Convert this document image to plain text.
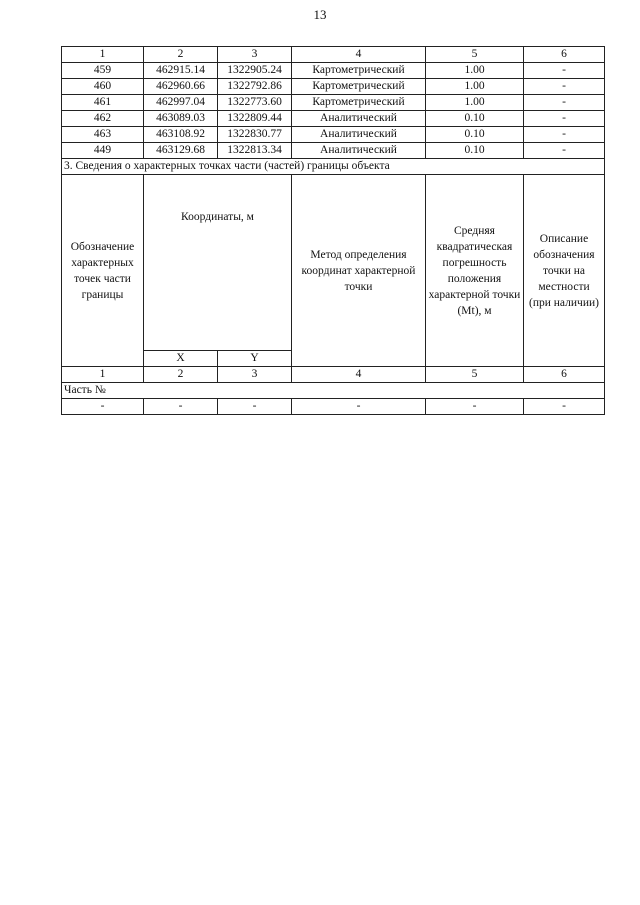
13
1	2	3	4	5	6
459	462915.14	1322905.24	Картометрический	1.00	-
460	462960.66	1322792.86	Картометрический	1.00	-
461	462997.04	1322773.60	Картометрический	1.00	-
462	463089.03	1322809.44	Аналитический	0.10	-
463	463108.92	1322830.77	Аналитический	0.10	-
449	463129.68	1322813.34	Аналитический	0.10	-
3. Сведения о характерных точках части (частей) границы объекта					
Обозначение характерных точек части границы	Координаты, м		Метод определения координат характерной точки	Средняя квадратическая погрешность положения характерной точки (Mt), м	Описание обозначения точки на местности (при наличии)
	X	Y			
1	2	3	4	5	6
Часть №					
-	-	-	-	-	-
